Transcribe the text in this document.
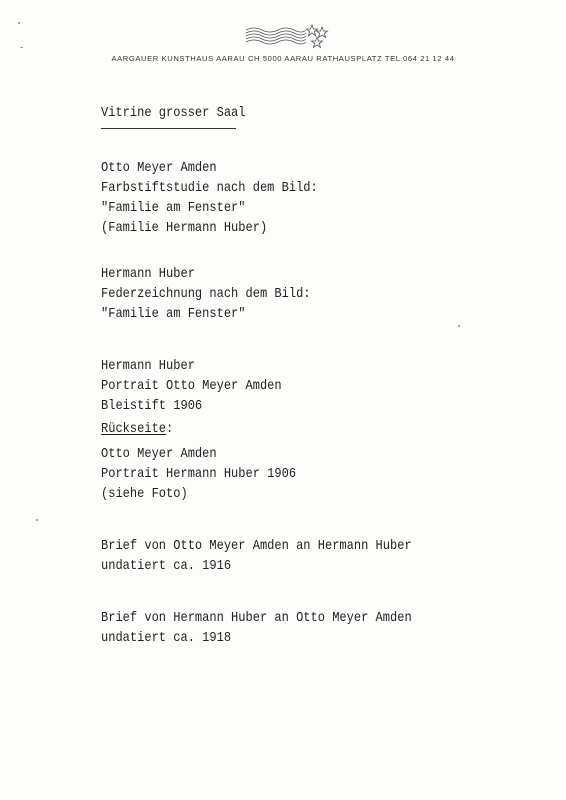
AARGAUER KUNSTHAUS AARAU CH 5000 AARAU RATHAUSPLATZ TEL 064 21 12 44
Vitrine grosser Saal
Otto Meyer Amden
Farbstiftstudie nach dem Bild:
"Familie am Fenster"
(Familie Hermann Huber)
Hermann Huber
Federzeichnung nach dem Bild:
"Familie am Fenster"
Hermann Huber
Portrait Otto Meyer Amden
Bleistift 1906
Rückseite:
Otto Meyer Amden
Portrait Hermann Huber 1906
(siehe Foto)
Brief von Otto Meyer Amden an Hermann Huber
undatiert ca. 1916
Brief von Hermann Huber an Otto Meyer Amden
undatiert ca. 1918
